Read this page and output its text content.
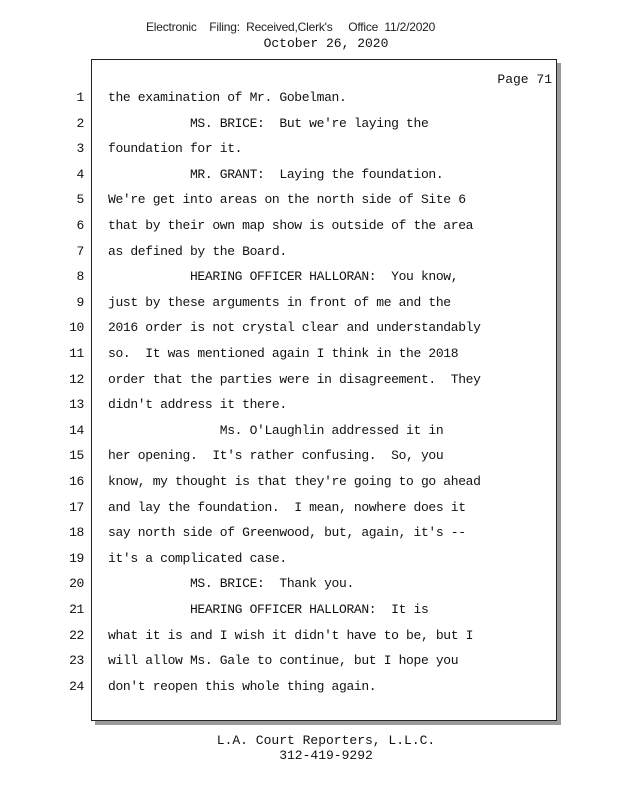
Electronic    Filing:  Received,Clerk's     Office  11/2/2020
October 26, 2020
Page 71
1 the examination of Mr. Gobelman.
2 MS. BRICE:  But we're laying the
3 foundation for it.
4 MR. GRANT:  Laying the foundation.
5 We're get into areas on the north side of Site 6
6 that by their own map show is outside of the area
7 as defined by the Board.
8 HEARING OFFICER HALLORAN:  You know,
9 just by these arguments in front of me and the
10 2016 order is not crystal clear and understandably
11 so.  It was mentioned again I think in the 2018
12 order that the parties were in disagreement.  They
13 didn't address it there.
14 Ms. O'Laughlin addressed it in
15 her opening.  It's rather confusing.  So, you
16 know, my thought is that they're going to go ahead
17 and lay the foundation.  I mean, nowhere does it
18 say north side of Greenwood, but, again, it's --
19 it's a complicated case.
20 MS. BRICE:  Thank you.
21 HEARING OFFICER HALLORAN:  It is
22 what it is and I wish it didn't have to be, but I
23 will allow Ms. Gale to continue, but I hope you
24 don't reopen this whole thing again.
L.A. Court Reporters, L.L.C.
312-419-9292
